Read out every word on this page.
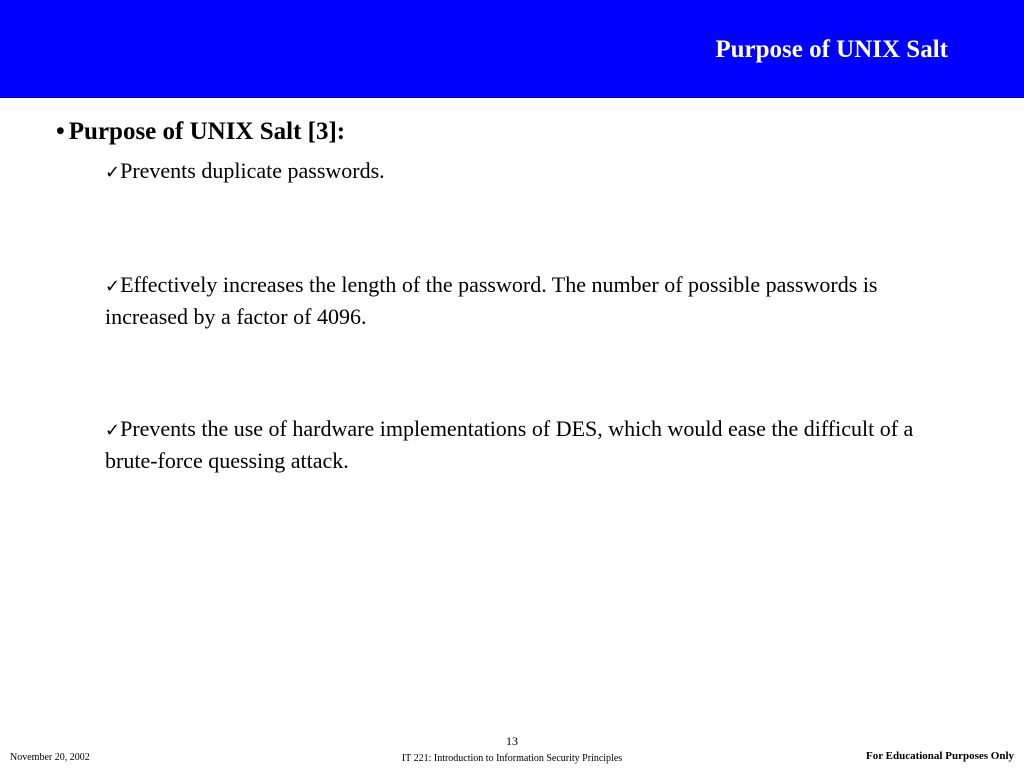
Purpose of UNIX Salt
• Purpose of UNIX Salt [3]:
✓Prevents duplicate passwords.
✓Effectively increases the length of the password. The number of possible passwords is increased by a factor of 4096.
✓Prevents the use of hardware implementations of DES, which would ease the difficult of a brute-force quessing attack.
November 20, 2002
13
IT 221: Introduction to Information Security Principles	For Educational Purposes Only
